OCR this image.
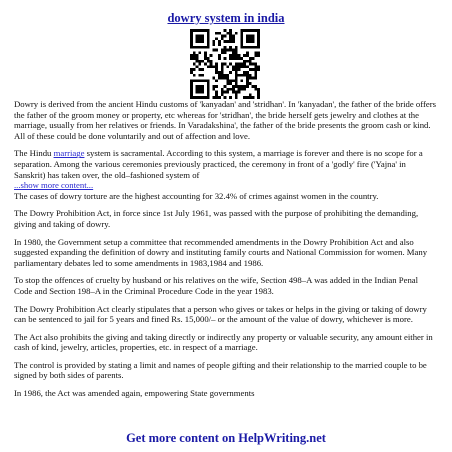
dowry system in india

Dowry is derived from the ancient Hindu customs of 'kanyadan' and 'stridhan'. In 'kanyadan', the father of the bride offers the father of the groom money or property, etc whereas for 'stridhan', the bride herself gets jewelry and clothes at the marriage, usually from her relatives or friends. In Varadakshina', the father of the bride presents the groom cash or kind. All of these could be done voluntarily and out of affection and love.

The Hindu marriage system is sacramental. According to this system, a marriage is forever and there is no scope for a separation. Among the various ceremonies previously practiced, the ceremony in front of a 'godly' fire ('Yajna' in Sanskrit) has taken over, the old–fashioned system of
...show more content...

The cases of dowry torture are the highest accounting for 32.4% of crimes against women in the country.

The Dowry Prohibition Act, in force since 1st July 1961, was passed with the purpose of prohibiting the demanding, giving and taking of dowry.

In 1980, the Government setup a committee that recommended amendments in the Dowry Prohibition Act and also suggested expanding the definition of dowry and instituting family courts and National Commission for women. Many parliamentary debates led to some amendments in 1983,1984 and 1986.

To stop the offences of cruelty by husband or his relatives on the wife, Section 498–A was added in the Indian Penal Code and Section 198–A in the Criminal Procedure Code in the year 1983.

The Dowry Prohibition Act clearly stipulates that a person who gives or takes or helps in the giving or taking of dowry can be sentenced to jail for 5 years and fined Rs. 15,000/– or the amount of the value of dowry, whichever is more.

The Act also prohibits the giving and taking directly or indirectly any property or valuable security, any amount either in cash of kind, jewelry, articles, properties, etc. in respect of a marriage.

The control is provided by stating a limit and names of people gifting and their relationship to the married couple to be signed by both sides of parents.

In 1986, the Act was amended again, empowering State governments

Get more content on HelpWriting.net
